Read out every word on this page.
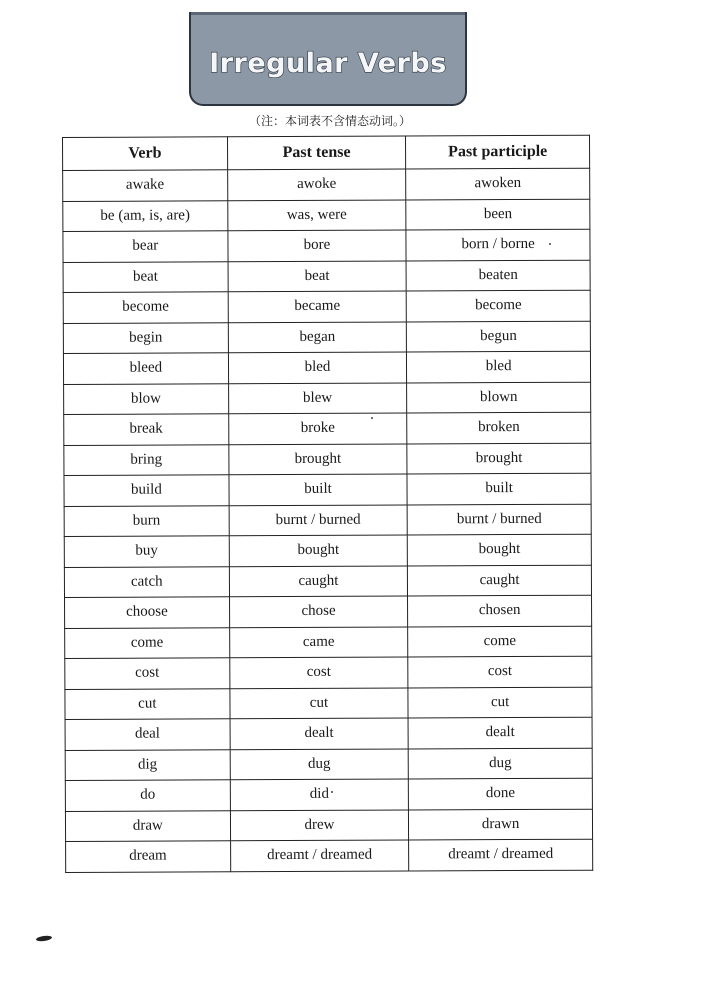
Irregular Verbs
（注：本词表不含情态动词。）
Verb	Past tense	Past participle
awake	awoke	awoken
be (am, is, are)	was, were	been
bear	bore	born / borne
beat	beat	beaten
become	became	become
begin	began	begun
bleed	bled	bled
blow	blew	blown
break	broke	broken
bring	brought	brought
build	built	built
burn	burnt / burned	burnt / burned
buy	bought	bought
catch	caught	caught
choose	chose	chosen
come	came	come
cost	cost	cost
cut	cut	cut
deal	dealt	dealt
dig	dug	dug
do	did	done
draw	drew	drawn
dream	dreamt / dreamed	dreamt / dreamed
